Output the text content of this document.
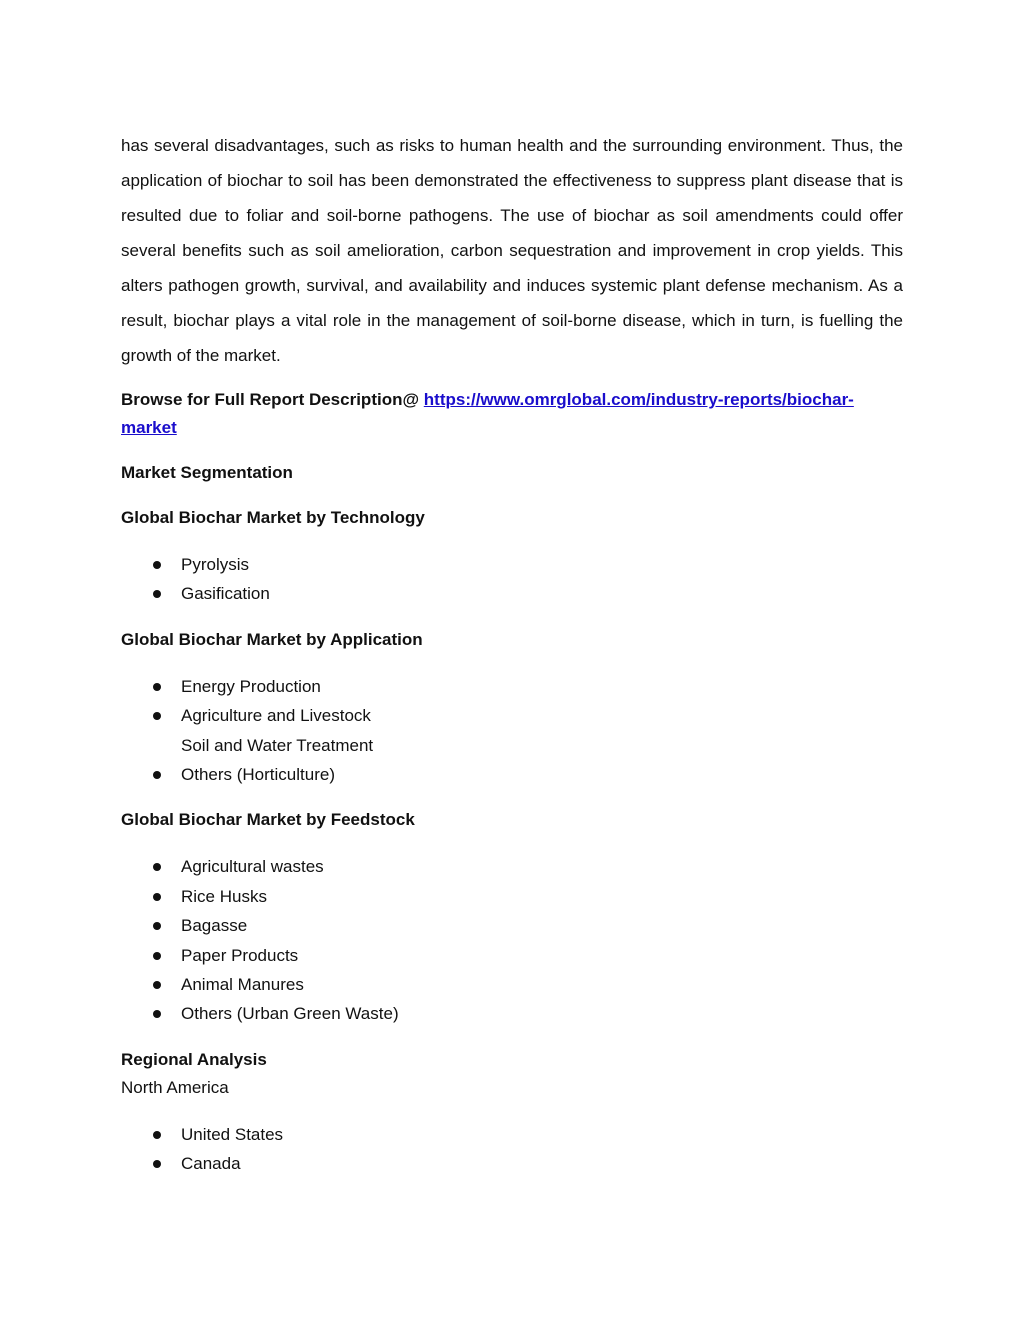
has several disadvantages, such as risks to human health and the surrounding environment. Thus, the application of biochar to soil has been demonstrated the effectiveness to suppress plant disease that is resulted due to foliar and soil-borne pathogens. The use of biochar as soil amendments could offer several benefits such as soil amelioration, carbon sequestration and improvement in crop yields. This alters pathogen growth, survival, and availability and induces systemic plant defense mechanism. As a result, biochar plays a vital role in the management of soil-borne disease, which in turn, is fuelling the growth of the market.

Browse for Full Report Description@ https://www.omrglobal.com/industry-reports/biochar-market

Market Segmentation

Global Biochar Market by Technology

Pyrolysis
Gasification

Global Biochar Market by Application

Energy Production
Agriculture and Livestock
Soil and Water Treatment
Others (Horticulture)

Global Biochar Market by Feedstock

Agricultural wastes
Rice Husks
Bagasse
Paper Products
Animal Manures
Others (Urban Green Waste)

Regional Analysis

North America

United States
Canada
